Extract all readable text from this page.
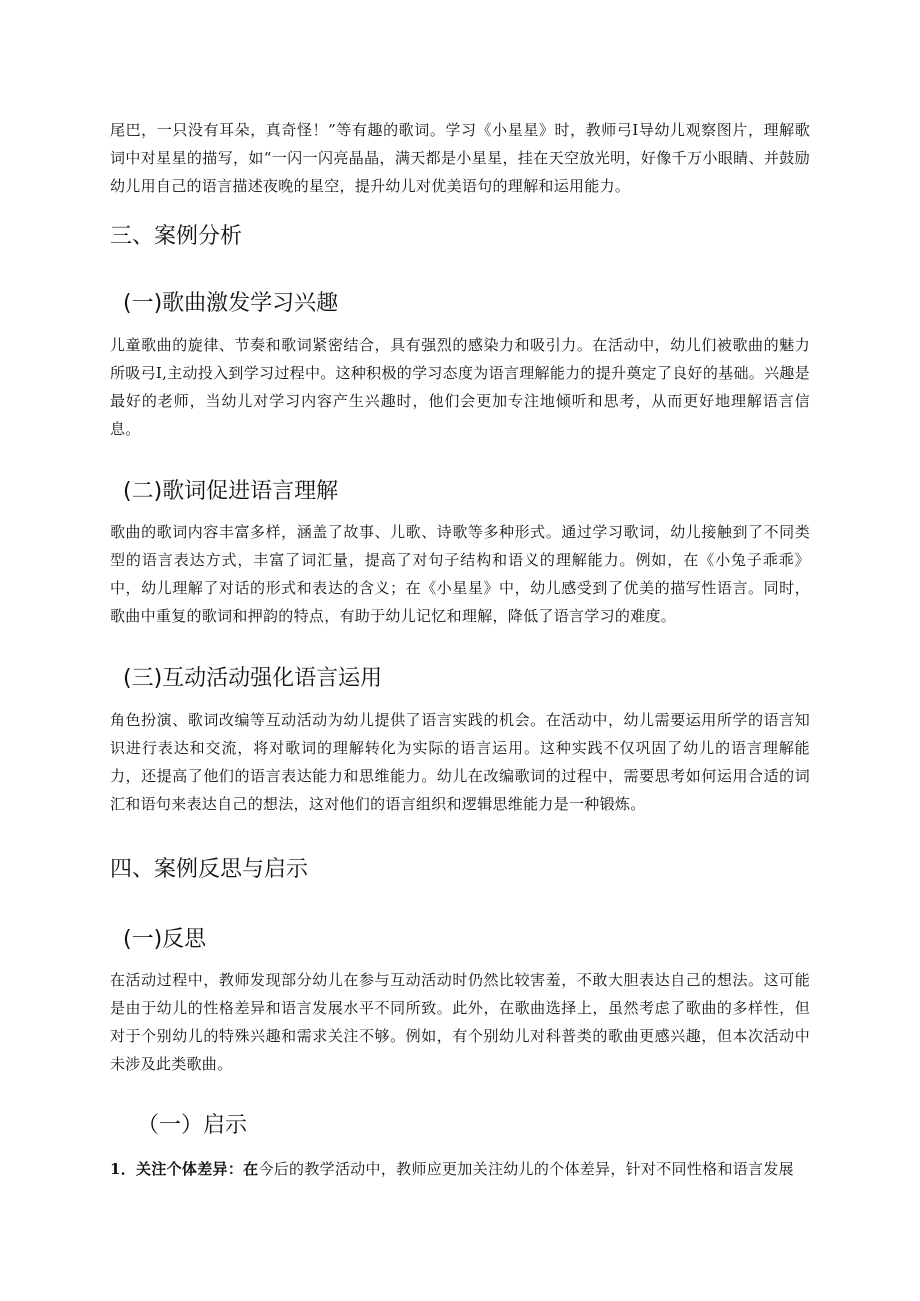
尾巴，一只没有耳朵，真奇怪！”等有趣的歌词。学习《小星星》时，教师弓I导幼儿观察图片，理解歌词中对星星的描写，如“一闪一闪亮晶晶，满天都是小星星，挂在天空放光明，好像千万小眼睛、并鼓励幼儿用自己的语言描述夜晚的星空，提升幼儿对优美语句的理解和运用能力。

三、案例分析
(一)歌曲激发学习兴趣

儿童歌曲的旋律、节奏和歌词紧密结合，具有强烈的感染力和吸引力。在活动中，幼儿们被歌曲的魅力所吸弓I,主动投入到学习过程中。这种积极的学习态度为语言理解能力的提升奠定了良好的基础。兴趣是最好的老师，当幼儿对学习内容产生兴趣时，他们会更加专注地倾听和思考，从而更好地理解语言信息。

(二)歌词促进语言理解

歌曲的歌词内容丰富多样，涵盖了故事、儿歌、诗歌等多种形式。通过学习歌词，幼儿接触到了不同类型的语言表达方式，丰富了词汇量，提高了对句子结构和语义的理解能力。例如，在《小兔子乖乖》中，幼儿理解了对话的形式和表达的含义；在《小星星》中，幼儿感受到了优美的描写性语言。同时，歌曲中重复的歌词和押韵的特点，有助于幼儿记忆和理解，降低了语言学习的难度。

(三)互动活动强化语言运用

角色扮演、歌词改编等互动活动为幼儿提供了语言实践的机会。在活动中，幼儿需要运用所学的语言知识进行表达和交流，将对歌词的理解转化为实际的语言运用。这种实践不仅巩固了幼儿的语言理解能力，还提高了他们的语言表达能力和思维能力。幼儿在改编歌词的过程中，需要思考如何运用合适的词汇和语句来表达自己的想法，这对他们的语言组织和逻辑思维能力是一种锻炼。

四、案例反思与启示
(一)反思

在活动过程中，教师发现部分幼儿在参与互动活动时仍然比较害羞，不敢大胆表达自己的想法。这可能是由于幼儿的性格差异和语言发展水平不同所致。此外，在歌曲选择上，虽然考虑了歌曲的多样性，但对于个别幼儿的特殊兴趣和需求关注不够。例如，有个别幼儿对科普类的歌曲更感兴趣，但本次活动中未涉及此类歌曲。

（一）启示

1．关注个体差异：在今后的教学活动中，教师应更加关注幼儿的个体差异，针对不同性格和语言发展
